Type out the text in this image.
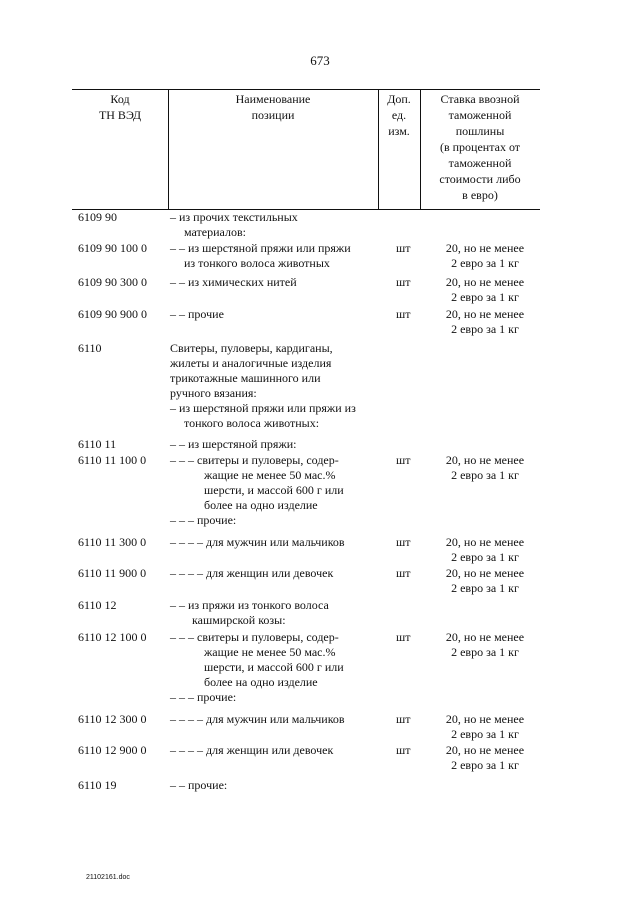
673
Код
ТН ВЭД
Наименование
позиции
Доп.
ед.
изм.
Ставка ввозной
таможенной
пошлины
(в процентах от
таможенной
стоимости либо
в евро)
6109 90	– из прочих текстильных
материалов:
6109 90 100 0 – – из шерстяной пряжи или пряжи
из тонкого волоса животных
шт	20, но не менее
2 евро за 1 кг
6109 90 300 0 – – из химических нитей	шт	20, но не менее
2 евро за 1 кг
6109 90 900 0 – – прочие	шт	20, но не менее
2 евро за 1 кг
6110	Свитеры, пуловеры, кардиганы,
жилеты и аналогичные изделия
трикотажные машинного или
ручного вязания:
– из шерстяной пряжи или пряжи из
тонкого волоса животных:
6110 11	– – из шерстяной пряжи:
6110 11 100 0 – – – свитеры и пуловеры, содер-
жащие не менее 50 мас.%
шерсти, и массой 600 г или
более на одно изделие
– – – прочие:
шт	20, но не менее
2 евро за 1 кг
6110 11 300 0 – – – – для мужчин или мальчиков	шт	20, но не менее
2 евро за 1 кг
6110 11 900 0 – – – – для женщин или девочек	шт	20, но не менее
2 евро за 1 кг
6110 12	– – из пряжи из тонкого волоса
кашмирской козы:
6110 12 100 0 – – – свитеры и пуловеры, содер-
жащие не менее 50 мас.%
шерсти, и массой 600 г или
более на одно изделие
– – – прочие:
шт	20, но не менее
2 евро за 1 кг
6110 12 300 0 – – – – для мужчин или мальчиков	шт	20, но не менее
2 евро за 1 кг
6110 12 900 0 – – – – для женщин или девочек	шт	20, но не менее
2 евро за 1 кг
6110 19	– – прочие:
21102161.doc
